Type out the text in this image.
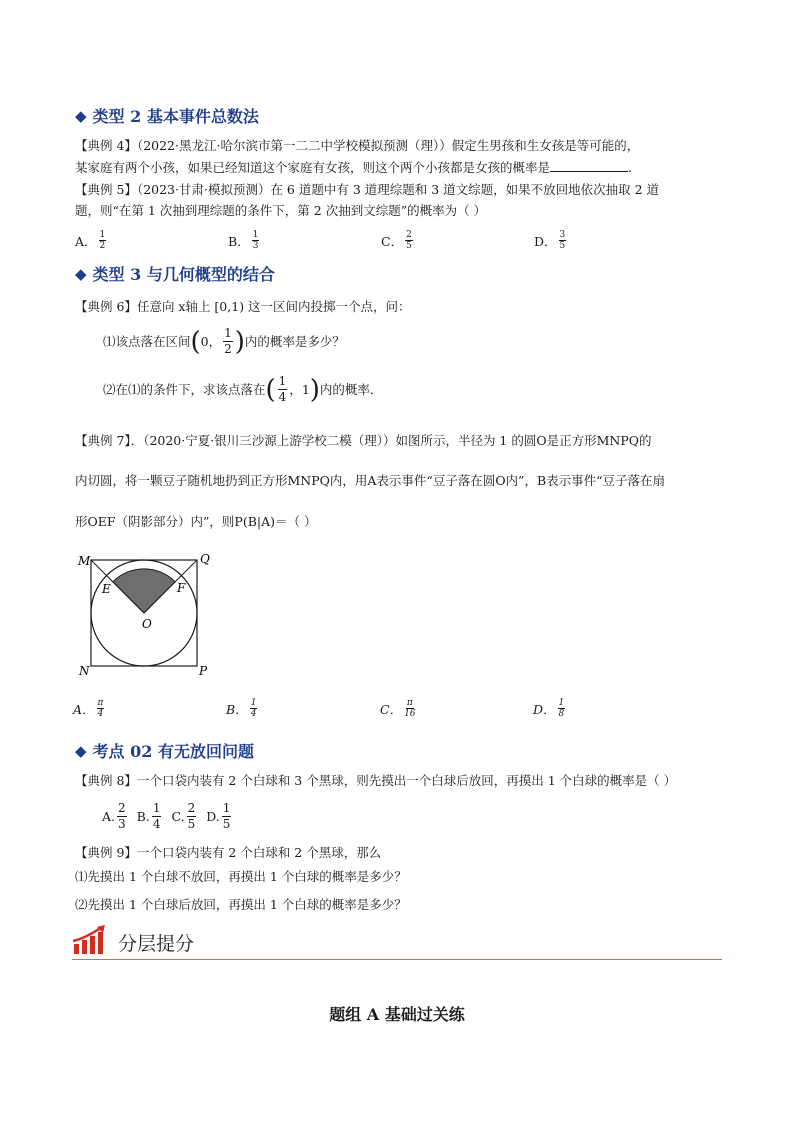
◆ 类型 2 基本事件总数法
【典例 4】（2022·黑龙江·哈尔滨市第一二二中学校模拟预测（理））假定生男孩和生女孩是等可能的，
某家庭有两个小孩，如果已经知道这个家庭有女孩，则这个两个小孩都是女孩的概率是	.
【典例 5】（2023·甘肃·模拟预测）在 6 道题中有 3 道理综题和 3 道文综题，如果不放回地依次抽取 2 道
题，则“在第 1 次抽到理综题的条件下，第 2 次抽到文综题”的概率为（ ）
A． $\frac{1}{2}$	B． $\frac{1}{3}$	C． $\frac{2}{5}$	D． $\frac{3}{5}$
◆ 类型 3 与几何概型的结合
【典例 6】任意向 x轴上 [0,1) 这一区间内投掷一个点，问：
⑴该点落在区间 ( 0， $\frac{1}{2}$ ) 内的概率是多少？
⑵在⑴的条件下，求该点落在 ( $\frac{1}{4}$ ，1 ) 内的概率．
【典例 7】．（2020·宁夏·银川三沙源上游学校二模（理））如图所示，半径为 1 的圆O是正方形MNPQ的
内切圆，将一颗豆子随机地扔到正方形MNPQ内，用A表示事件“豆子落在圆O内”，B表示事件“豆子落在扇
形OEF（阴影部分）内”，则P(B|A)＝（ ）
M	Q
E	F
O
N	P
A． $\frac{\pi}{4}$	B． $\frac{1}{4}$	C． $\frac{\pi}{16}$	D． $\frac{1}{8}$
◆ 考点 02 有无放回问题
【典例 8】一个口袋内装有 2 个白球和 3 个黑球，则先摸出一个白球后放回，再摸出 1 个白球的概率是（ ）
A. $\frac{2}{3} B$. $\frac{1}{4} C$. $\frac{2}{5} D$. $\frac{1}{5}$
【典例 9】一个口袋内装有 2 个白球和 2 个黑球，那么
⑴先摸出 1 个白球不放回，再摸出 1 个白球的概率是多少？
⑵先摸出 1 个白球后放回，再摸出 1 个白球的概率是多少？
分层提分
题组 A 基础过关练
